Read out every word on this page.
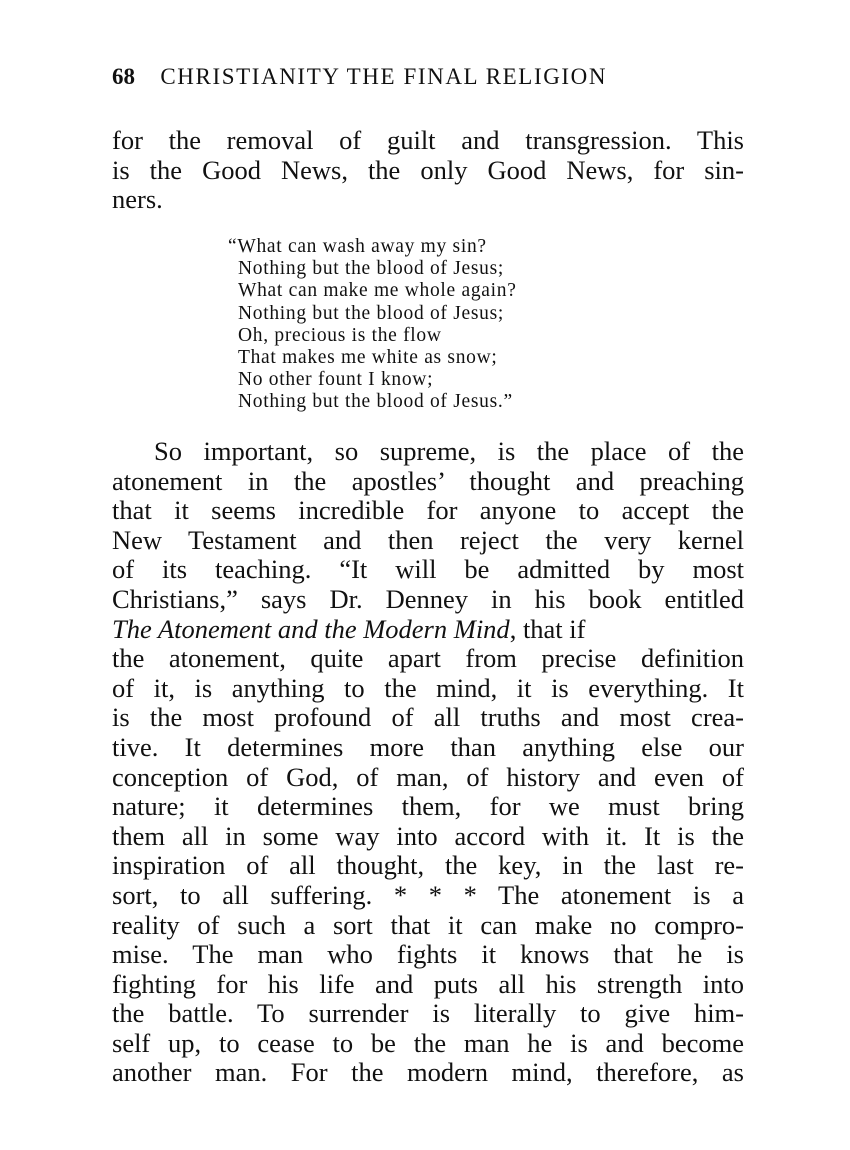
68 CHRISTIANITY THE FINAL RELIGION
for the removal of guilt and transgression. This
is the Good News, the only Good News, for sin-
ners.
“What can wash away my sin?
Nothing but the blood of Jesus;
What can make me whole again?
Nothing but the blood of Jesus;
Oh, precious is the flow
That makes me white as snow;
No other fount I know;
Nothing but the blood of Jesus.”
So important, so supreme, is the place of the
atonement in the apostles’ thought and preaching
that it seems incredible for anyone to accept the
New Testament and then reject the very kernel
of its teaching. “It will be admitted by most
Christians,” says Dr. Denney in his book entitled
The Atonement and the Modern Mind, that if
the atonement, quite apart from precise definition
of it, is anything to the mind, it is everything. It
is the most profound of all truths and most crea-
tive. It determines more than anything else our
conception of God, of man, of history and even of
nature; it determines them, for we must bring
them all in some way into accord with it. It is the
inspiration of all thought, the key, in the last re-
sort, to all suffering. * * * The atonement is a
reality of such a sort that it can make no compro-
mise. The man who fights it knows that he is
fighting for his life and puts all his strength into
the battle. To surrender is literally to give him-
self up, to cease to be the man he is and become
another man. For the modern mind, therefore, as
